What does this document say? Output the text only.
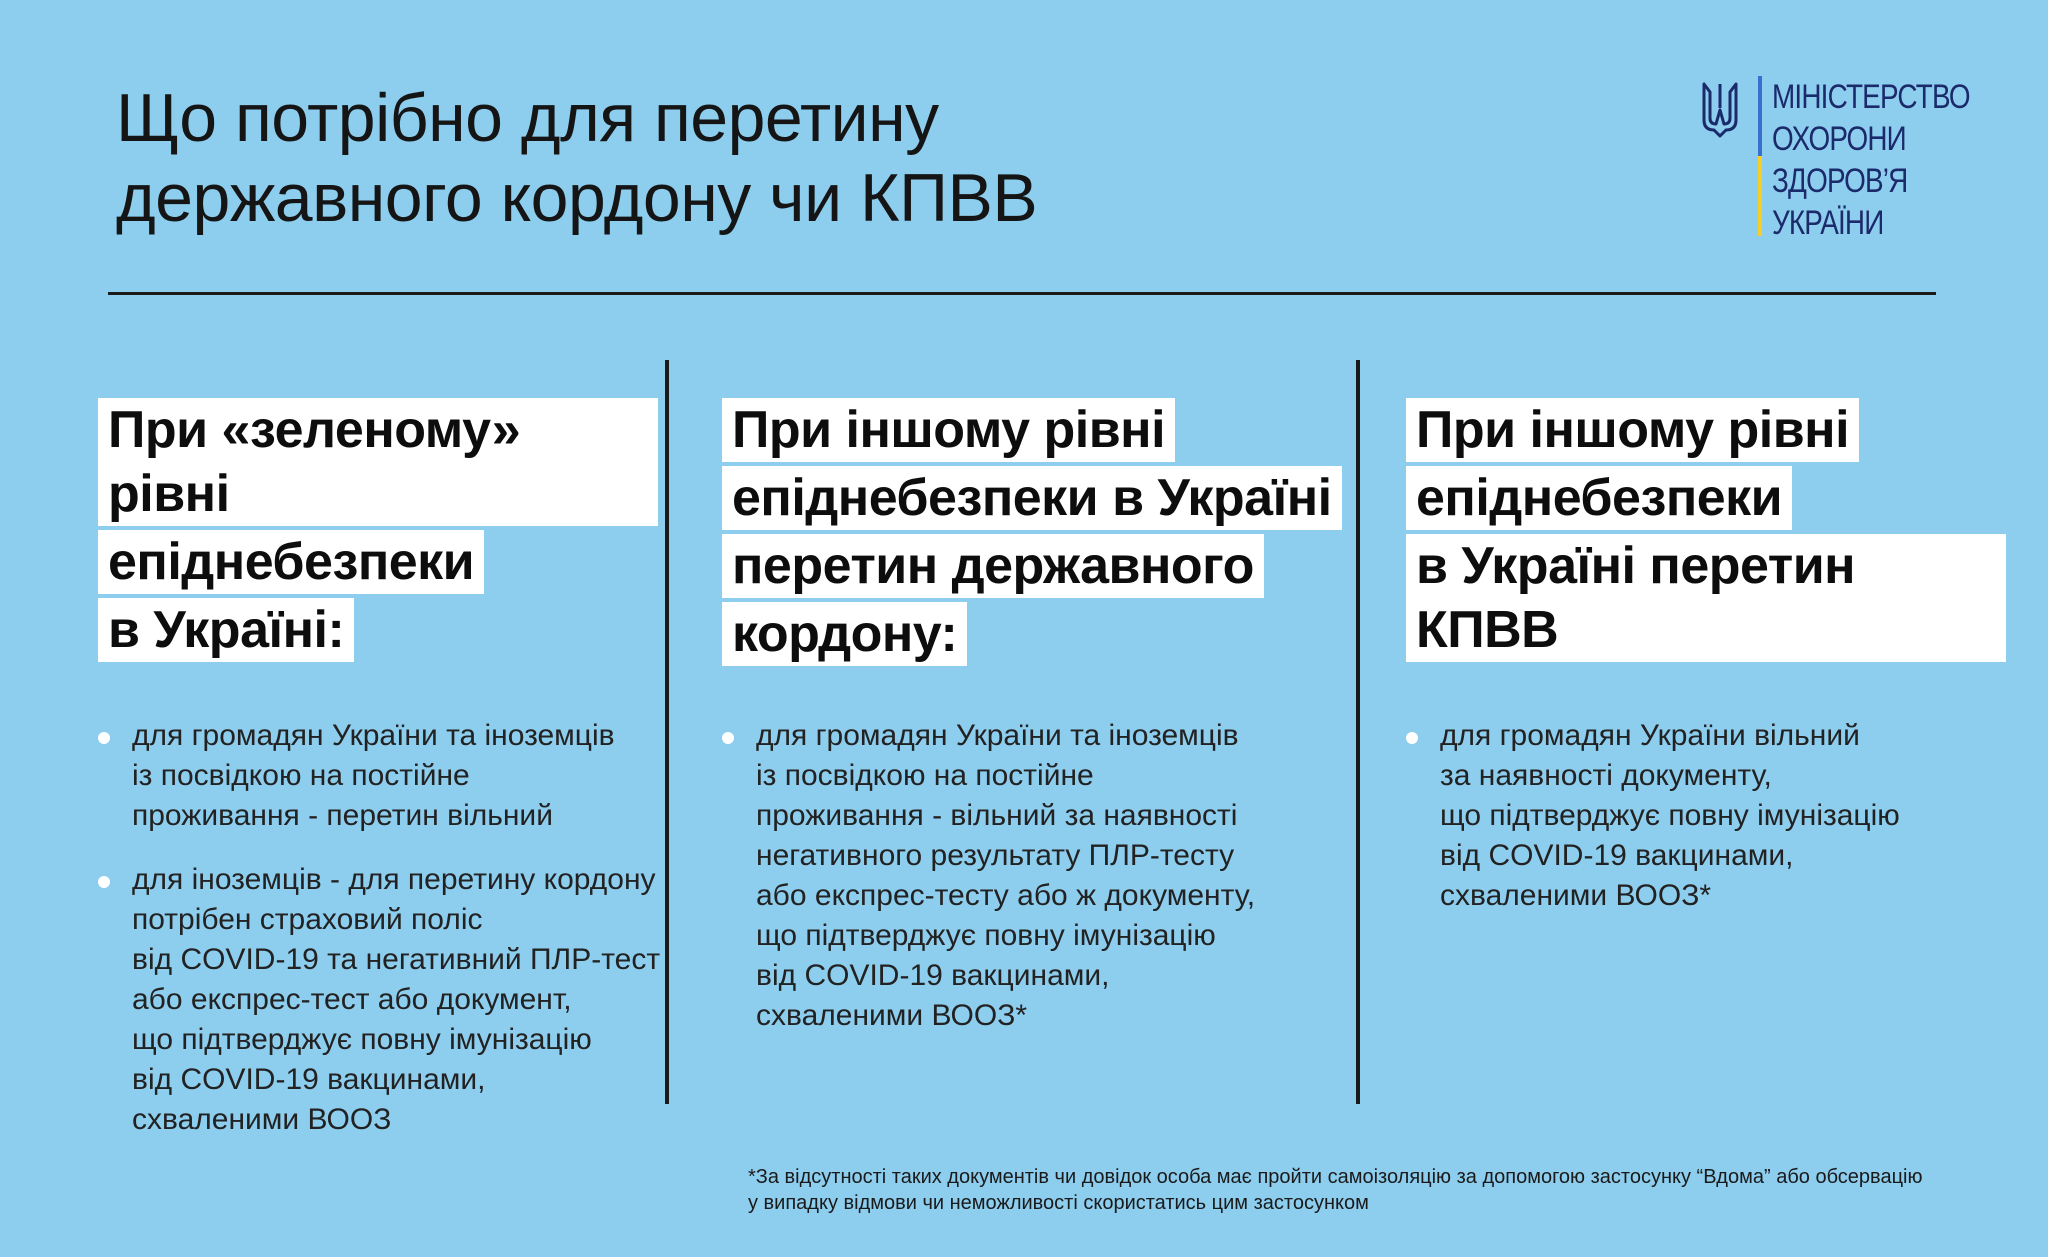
Що потрібно для перетину
державного кордону чи КПВВ
МІНІСТЕРСТВО
ОХОРОНИ
ЗДОРОВ’Я
УКРАЇНИ
При «зеленому» рівні
епіднебезпеки
в Україні:
для громадян України та іноземців
із посвідкою на постійне
проживання - перетин вільний
для іноземців - для перетину кордону
потрібен страховий поліс
від COVID-19 та негативний ПЛР-тест
або експрес-тест або документ,
що підтверджує повну імунізацію
від COVID-19 вакцинами,
схваленими ВООЗ
При іншому рівні
епіднебезпеки в Україні
перетин державного
кордону:
для громадян України та іноземців
із посвідкою на постійне
проживання - вільний за наявності
негативного результату ПЛР-тесту
або експрес-тесту або ж документу,
що підтверджує повну імунізацію
від COVID-19 вакцинами,
схваленими ВООЗ*
При іншому рівні
епіднебезпеки
в Україні перетин КПВВ
для громадян України вільний
за наявності документу,
що підтверджує повну імунізацію
від COVID-19 вакцинами,
схваленими ВООЗ*
*За відсутності таких документів чи довідок особа має пройти самоізоляцію за допомогою застосунку “Вдома” або обсервацію
у випадку відмови чи неможливості скористатись цим застосунком
